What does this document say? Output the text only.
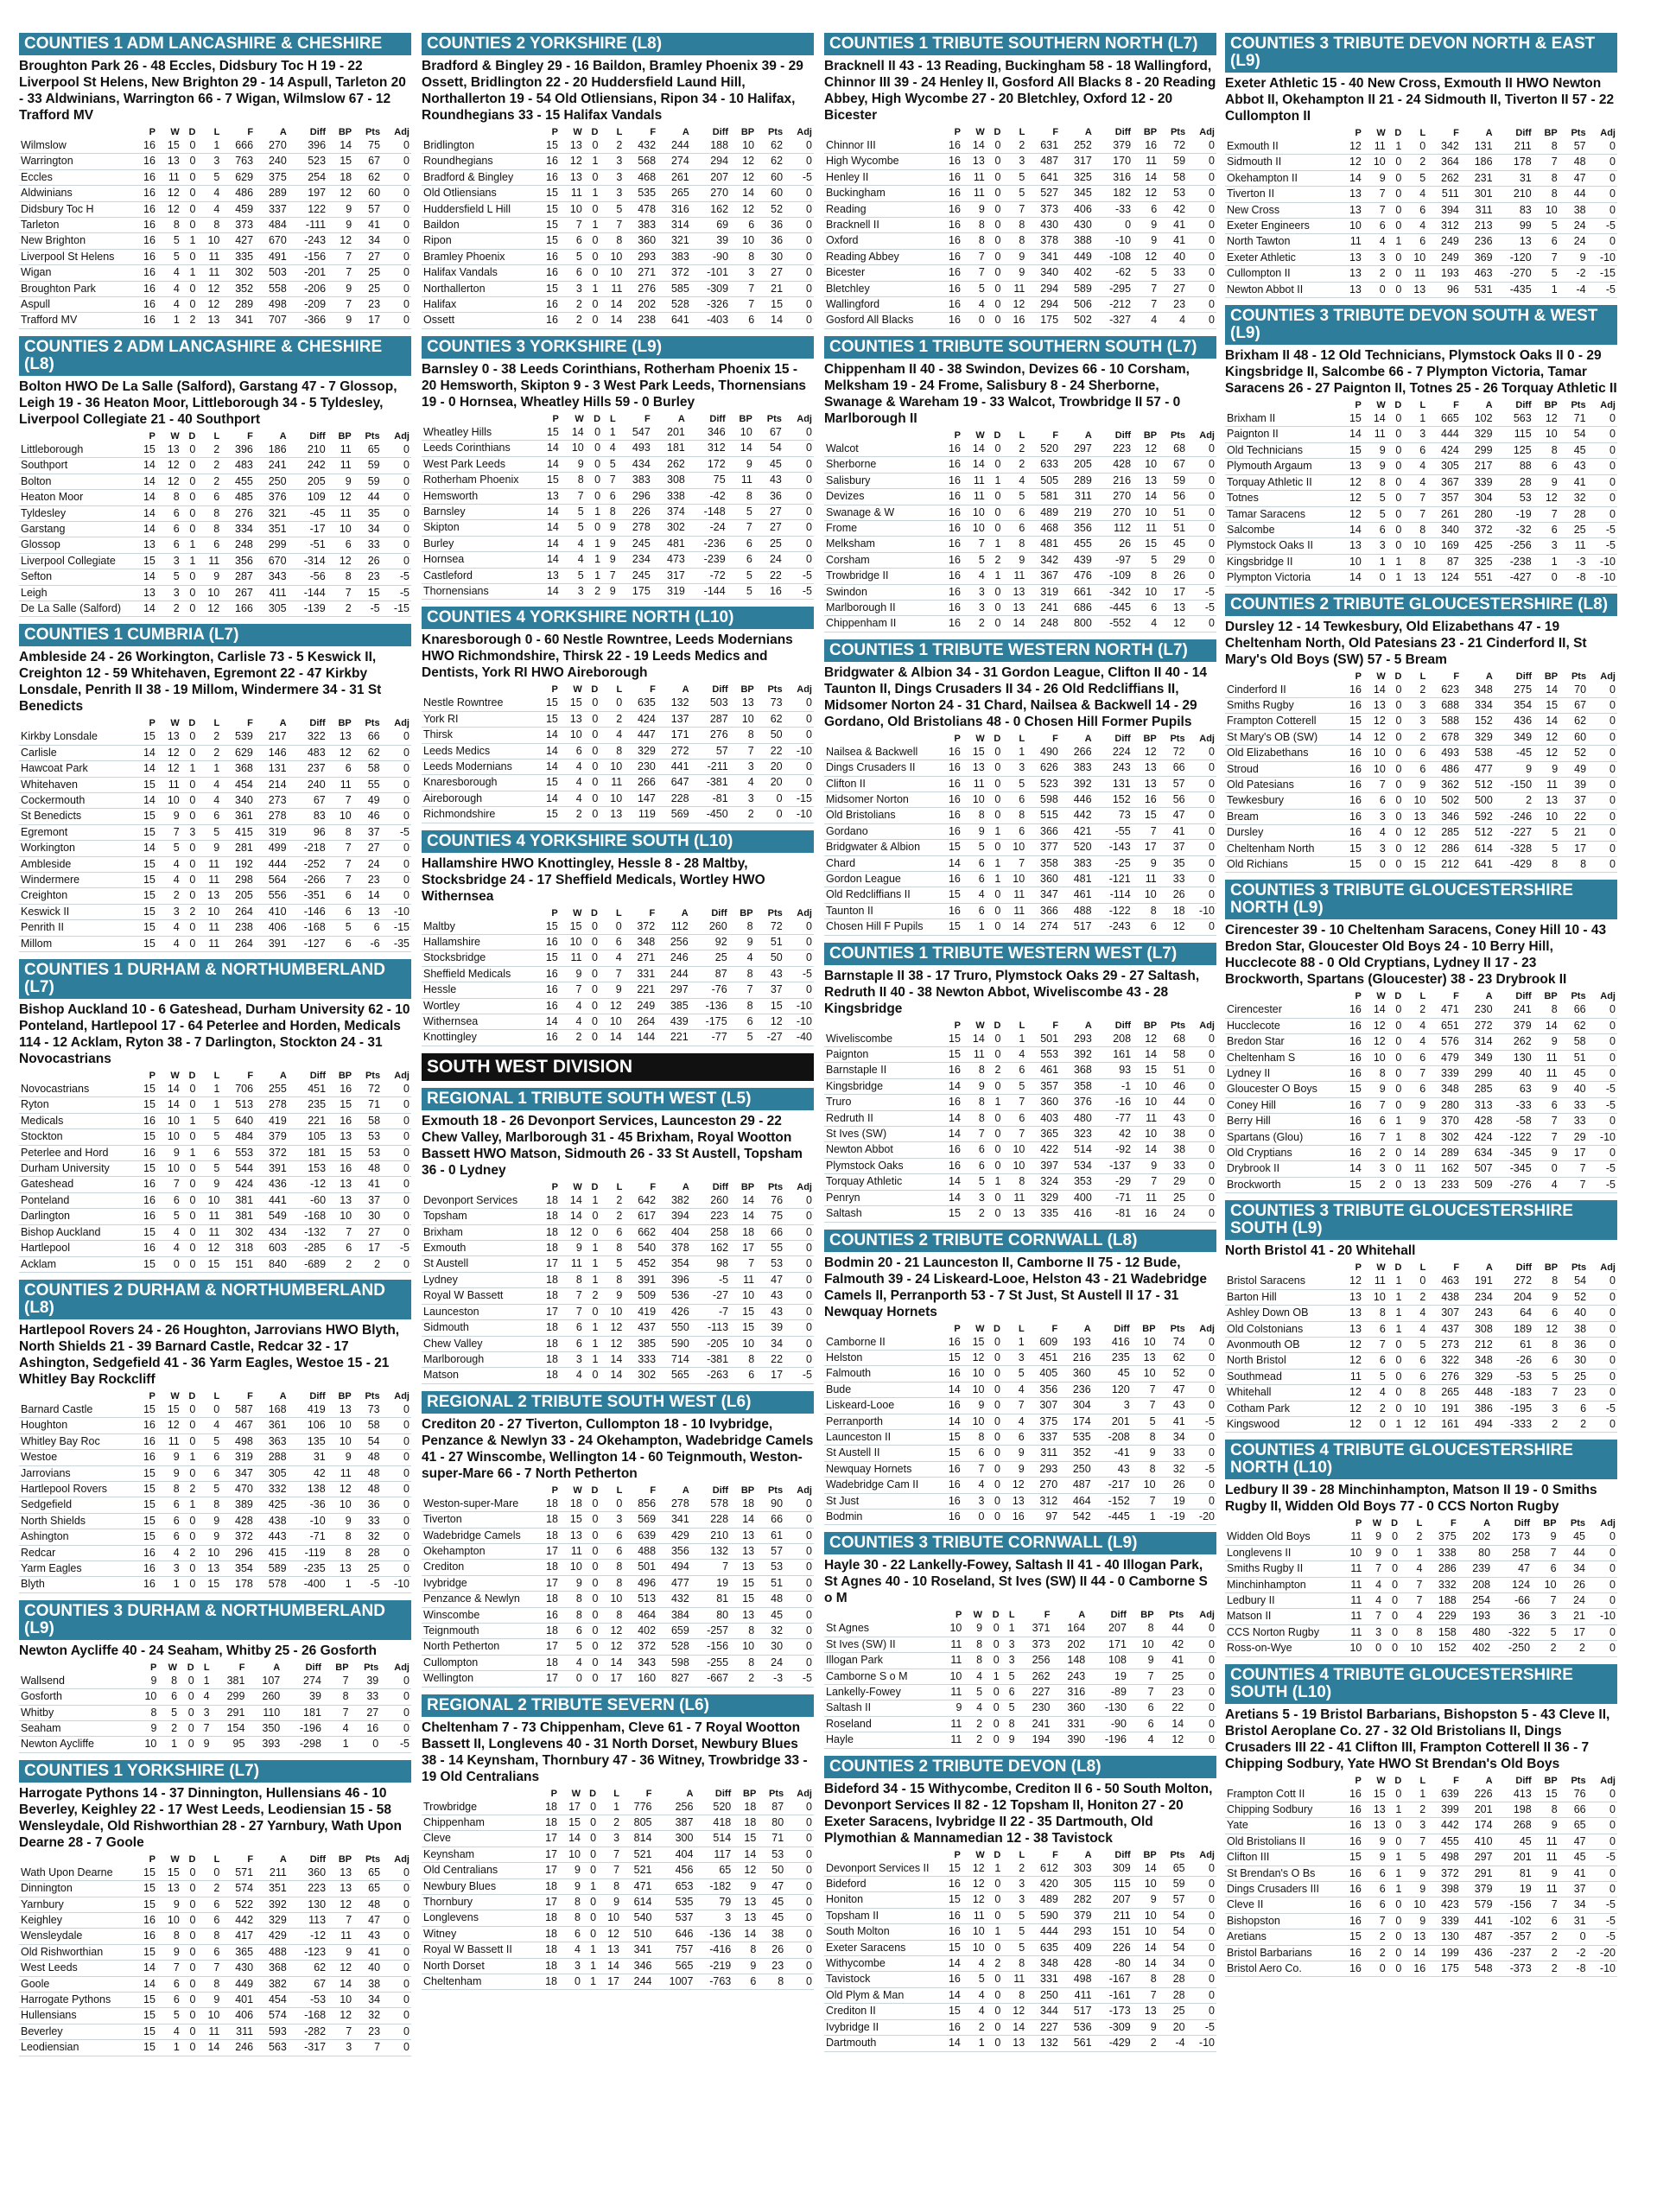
COUNTIES 1 ADM LANCASHIRE & CHESHIRE
Broughton Park 26 - 48 Eccles, Didsbury Toc H 19 - 22 Liverpool St Helens, New Brighton 29 - 14 Aspull, Tarleton 20 - 33 Aldwinians, Warrington 66 - 7 Wigan, Wilmslow 67 - 12 Trafford MV
	P	W	D	L	F	A	Diff	BP	Pts	Adj
Wilmslow	16	15	0	1	666	270	396	14	75	0
Warrington	16	13	0	3	763	240	523	15	67	0
Eccles	16	11	0	5	629	375	254	18	62	0
Aldwinians	16	12	0	4	486	289	197	12	60	0
Didsbury Toc H	16	12	0	4	459	337	122	9	57	0
Tarleton	16	8	0	8	373	484	-111	9	41	0
New Brighton	16	5	1	10	427	670	-243	12	34	0
Liverpool St Helens	16	5	0	11	335	491	-156	7	27	0
Wigan	16	4	1	11	302	503	-201	7	25	0
Broughton Park	16	4	0	12	352	558	-206	9	25	0
Aspull	16	4	0	12	289	498	-209	7	23	0
Trafford MV	16	1	2	13	341	707	-366	9	17	0
COUNTIES 2 ADM LANCASHIRE & CHESHIRE (L8)
Bolton HWO De La Salle (Salford), Garstang 47 - 7 Glossop, Leigh 19 - 36 Heaton Moor, Littleborough 34 - 5 Tyldesley, Liverpool Collegiate 21 - 40 Southport
	P	W	D	L	F	A	Diff	BP	Pts	Adj
Littleborough	15	13	0	2	396	186	210	11	65	0
Southport	14	12	0	2	483	241	242	11	59	0
Bolton	14	12	0	2	455	250	205	9	59	0
Heaton Moor	14	8	0	6	485	376	109	12	44	0
Tyldesley	14	6	0	8	276	321	-45	11	35	0
Garstang	14	6	0	8	334	351	-17	10	34	0
Glossop	13	6	1	6	248	299	-51	6	33	0
Liverpool Collegiate	15	3	1	11	356	670	-314	12	26	0
Sefton	14	5	0	9	287	343	-56	8	23	-5
Leigh	13	3	0	10	267	411	-144	7	15	-5
De La Salle (Salford)	14	2	0	12	166	305	-139	2	-5	-15
COUNTIES 1 CUMBRIA (L7)
Ambleside 24 - 26 Workington, Carlisle 73 - 5 Keswick II, Creighton 12 - 59 Whitehaven, Egremont 22 - 47 Kirkby Lonsdale, Penrith II 38 - 19 Millom, Windermere 34 - 31 St Benedicts
	P	W	D	L	F	A	Diff	BP	Pts	Adj
Kirkby Lonsdale	15	13	0	2	539	217	322	13	66	0
Carlisle	14	12	0	2	629	146	483	12	62	0
Hawcoat Park	14	12	1	1	368	131	237	6	58	0
Whitehaven	15	11	0	4	454	214	240	11	55	0
Cockermouth	14	10	0	4	340	273	67	7	49	0
St Benedicts	15	9	0	6	361	278	83	10	46	0
Egremont	15	7	3	5	415	319	96	8	37	-5
Workington	14	5	0	9	281	499	-218	7	27	0
Ambleside	15	4	0	11	192	444	-252	7	24	0
Windermere	15	4	0	11	298	564	-266	7	23	0
Creighton	15	2	0	13	205	556	-351	6	14	0
Keswick II	15	3	2	10	264	410	-146	6	13	-10
Penrith II	15	4	0	11	238	406	-168	5	6	-15
Millom	15	4	0	11	264	391	-127	6	-6	-35
COUNTIES 1 DURHAM & NORTHUMBERLAND (L7)
Bishop Auckland 10 - 6 Gateshead, Durham University 62 - 10 Ponteland, Hartlepool 17 - 64 Peterlee and Horden, Medicals 114 - 12 Acklam, Ryton 38 - 7 Darlington, Stockton 24 - 31 Novocastrians
	P	W	D	L	F	A	Diff	BP	Pts	Adj
Novocastrians	15	14	0	1	706	255	451	16	72	0
Ryton	15	14	0	1	513	278	235	15	71	0
Medicals	16	10	1	5	640	419	221	16	58	0
Stockton	15	10	0	5	484	379	105	13	53	0
Peterlee and Hord	16	9	1	6	553	372	181	15	53	0
Durham University	15	10	0	5	544	391	153	16	48	0
Gateshead	16	7	0	9	424	436	-12	13	41	0
Ponteland	16	6	0	10	381	441	-60	13	37	0
Darlington	16	5	0	11	381	549	-168	10	30	0
Bishop Auckland	15	4	0	11	302	434	-132	7	27	0
Hartlepool	16	4	0	12	318	603	-285	6	17	-5
Acklam	15	0	0	15	151	840	-689	2	2	0
COUNTIES 2 DURHAM & NORTHUMBERLAND (L8)
Hartlepool Rovers 24 - 26 Houghton, Jarrovians HWO Blyth, North Shields 21 - 39 Barnard Castle, Redcar 32 - 17 Ashington, Sedgefield 41 - 36 Yarm Eagles, Westoe 15 - 21 Whitley Bay Rockcliff
	P	W	D	L	F	A	Diff	BP	Pts	Adj
Barnard Castle	15	15	0	0	587	168	419	13	73	0
Houghton	16	12	0	4	467	361	106	10	58	0
Whitley Bay Roc	16	11	0	5	498	363	135	10	54	0
Westoe	16	9	1	6	319	288	31	9	48	0
Jarrovians	15	9	0	6	347	305	42	11	48	0
Hartlepool Rovers	15	8	2	5	470	332	138	12	48	0
Sedgefield	15	6	1	8	389	425	-36	10	36	0
North Shields	15	6	0	9	428	438	-10	9	33	0
Ashington	15	6	0	9	372	443	-71	8	32	0
Redcar	16	4	2	10	296	415	-119	8	28	0
Yarm Eagles	16	3	0	13	354	589	-235	13	25	0
Blyth	16	1	0	15	178	578	-400	1	-5	-10
COUNTIES 3 DURHAM & NORTHUMBERLAND (L9)
Newton Aycliffe 40 - 24 Seaham, Whitby 25 - 26 Gosforth
	P	W	D	L	F	A	Diff	BP	Pts	Adj
Wallsend	9	8	0	1	381	107	274	7	39	0
Gosforth	10	6	0	4	299	260	39	8	33	0
Whitby	8	5	0	3	291	110	181	7	27	0
Seaham	9	2	0	7	154	350	-196	4	16	0
Newton Aycliffe	10	1	0	9	95	393	-298	1	0	-5
COUNTIES 1 YORKSHIRE (L7)
Harrogate Pythons 14 - 37 Dinnington, Hullensians 46 - 10 Beverley, Keighley 22 - 17 West Leeds, Leodiensian 15 - 58 Wensleydale, Old Rishworthian 28 - 27 Yarnbury, Wath Upon Dearne 28 - 7 Goole
	P	W	D	L	F	A	Diff	BP	Pts	Adj
Wath Upon Dearne	15	15	0	0	571	211	360	13	65	0
Dinnington	15	13	0	2	574	351	223	13	65	0
Yarnbury	15	9	0	6	522	392	130	12	48	0
Keighley	16	10	0	6	442	329	113	7	47	0
Wensleydale	16	8	0	8	417	429	-12	11	43	0
Old Rishworthian	15	9	0	6	365	488	-123	9	41	0
West Leeds	14	7	0	7	430	368	62	12	40	0
Goole	14	6	0	8	449	382	67	14	38	0
Harrogate Pythons	15	6	0	9	401	454	-53	10	34	0
Hullensians	15	5	0	10	406	574	-168	12	32	0
Beverley	15	4	0	11	311	593	-282	7	23	0
Leodiensian	15	1	0	14	246	563	-317	3	7	0
COUNTIES 2 YORKSHIRE (L8)
Bradford & Bingley 29 - 16 Baildon, Bramley Phoenix 39 - 29 Ossett, Bridlington 22 - 20 Huddersfield Laund Hill, Northallerton 19 - 54 Old Otliensians, Ripon 34 - 10 Halifax, Roundhegians 33 - 15 Halifax Vandals
	P	W	D	L	F	A	Diff	BP	Pts	Adj
Bridlington	15	13	0	2	432	244	188	10	62	0
Roundhegians	16	12	1	3	568	274	294	12	62	0
Bradford & Bingley	16	13	0	3	468	261	207	12	60	-5
Old Otliensians	15	11	1	3	535	265	270	14	60	0
Huddersfield L Hill	15	10	0	5	478	316	162	12	52	0
Baildon	15	7	1	7	383	314	69	6	36	0
Ripon	15	6	0	8	360	321	39	10	36	0
Bramley Phoenix	16	5	0	10	293	383	-90	8	30	0
Halifax Vandals	16	6	0	10	271	372	-101	3	27	0
Northallerton	15	3	1	11	276	585	-309	7	21	0
Halifax	16	2	0	14	202	528	-326	7	15	0
Ossett	16	2	0	14	238	641	-403	6	14	0
COUNTIES 3 YORKSHIRE (L9)
Barnsley 0 - 38 Leeds Corinthians, Rotherham Phoenix 15 - 20 Hemsworth, Skipton 9 - 3 West Park Leeds, Thornensians 19 - 0 Hornsea, Wheatley Hills 59 - 0 Burley
	P	W	D	L	F	A	Diff	BP	Pts	Adj
Wheatley Hills	15	14	0	1	547	201	346	10	67	0
Leeds Corinthians	14	10	0	4	493	181	312	14	54	0
West Park Leeds	14	9	0	5	434	262	172	9	45	0
Rotherham Phoenix	15	8	0	7	383	308	75	11	43	0
Hemsworth	13	7	0	6	296	338	-42	8	36	0
Barnsley	14	5	1	8	226	374	-148	5	27	0
Skipton	14	5	0	9	278	302	-24	7	27	0
Burley	14	4	1	9	245	481	-236	6	25	0
Hornsea	14	4	1	9	234	473	-239	6	24	0
Castleford	13	5	1	7	245	317	-72	5	22	-5
Thornensians	14	3	2	9	175	319	-144	5	16	-5
COUNTIES 4 YORKSHIRE NORTH (L10)
Knaresborough 0 - 60 Nestle Rowntree, Leeds Modernians HWO Richmondshire, Thirsk 22 - 19 Leeds Medics and Dentists, York RI HWO Aireborough
	P	W	D	L	F	A	Diff	BP	Pts	Adj
Nestle Rowntree	15	15	0	0	635	132	503	13	73	0
York RI	15	13	0	2	424	137	287	10	62	0
Thirsk	14	10	0	4	447	171	276	8	50	0
Leeds Medics	14	6	0	8	329	272	57	7	22	-10
Leeds Modernians	14	4	0	10	230	441	-211	3	20	0
Knaresborough	15	4	0	11	266	647	-381	4	20	0
Aireborough	14	4	0	10	147	228	-81	3	0	-15
Richmondshire	15	2	0	13	119	569	-450	2	0	-10
COUNTIES 4 YORKSHIRE SOUTH (L10)
Hallamshire HWO Knottingley, Hessle 8 - 28 Maltby, Stocksbridge 24 - 17 Sheffield Medicals, Wortley HWO Withernsea
	P	W	D	L	F	A	Diff	BP	Pts	Adj
Maltby	15	15	0	0	372	112	260	8	72	0
Hallamshire	16	10	0	6	348	256	92	9	51	0
Stocksbridge	15	11	0	4	271	246	25	4	50	0
Sheffield Medicals	16	9	0	7	331	244	87	8	43	-5
Hessle	16	7	0	9	221	297	-76	7	37	0
Wortley	16	4	0	12	249	385	-136	8	15	-10
Withernsea	14	4	0	10	264	439	-175	6	12	-10
Knottingley	16	2	0	14	144	221	-77	5	-27	-40
SOUTH WEST DIVISION
REGIONAL 1 TRIBUTE SOUTH WEST (L5)
Exmouth 18 - 26 Devonport Services, Launceston 29 - 22 Chew Valley, Marlborough 31 - 45 Brixham, Royal Wootton Bassett HWO Matson, Sidmouth 26 - 33 St Austell, Topsham 36 - 0 Lydney
	P	W	D	L	F	A	Diff	BP	Pts	Adj
Devonport Services	18	14	1	2	642	382	260	14	76	0
Topsham	18	14	0	2	617	394	223	14	75	0
Brixham	18	12	0	6	662	404	258	18	66	0
Exmouth	18	9	1	8	540	378	162	17	55	0
St Austell	17	11	1	5	452	354	98	7	53	0
Lydney	18	8	1	8	391	396	-5	11	47	0
Royal W Bassett	18	7	2	9	509	536	-27	10	43	0
Launceston	17	7	0	10	419	426	-7	15	43	0
Sidmouth	18	6	1	12	437	550	-113	15	39	0
Chew Valley	18	6	1	12	385	590	-205	10	34	0
Marlborough	18	3	1	14	333	714	-381	8	22	0
Matson	18	4	0	14	302	565	-263	6	17	-5
REGIONAL 2 TRIBUTE SOUTH WEST (L6)
Crediton 20 - 27 Tiverton, Cullompton 18 - 10 Ivybridge, Penzance & Newlyn 33 - 24 Okehampton, Wadebridge Camels 41 - 27 Winscombe, Wellington 14 - 60 Teignmouth, Weston-super-Mare 66 - 7 North Petherton
	P	W	D	L	F	A	Diff	BP	Pts	Adj
Weston-super-Mare	18	18	0	0	856	278	578	18	90	0
Tiverton	18	15	0	3	569	341	228	14	66	0
Wadebridge Camels	18	13	0	6	639	429	210	13	61	0
Okehampton	17	11	0	6	488	356	132	13	57	0
Crediton	18	10	0	8	501	494	7	13	53	0
Ivybridge	17	9	0	8	496	477	19	15	51	0
Penzance & Newlyn	18	8	0	10	513	432	81	15	48	0
Winscombe	16	8	0	8	464	384	80	13	45	0
Teignmouth	18	6	0	12	402	659	-257	8	32	0
North Petherton	17	5	0	12	372	528	-156	10	30	0
Cullompton	18	4	0	14	343	598	-255	8	24	0
Wellington	17	0	0	17	160	827	-667	2	-3	-5
REGIONAL 2 TRIBUTE SEVERN (L6)
Cheltenham 7 - 73 Chippenham, Cleve 61 - 7 Royal Wootton Bassett II, Longlevens 40 - 31 North Dorset, Newbury Blues 38 - 14 Keynsham, Thornbury 47 - 36 Witney, Trowbridge 33 - 19 Old Centralians
	P	W	D	L	F	A	Diff	BP	Pts	Adj
Trowbridge	18	17	0	1	776	256	520	18	87	0
Chippenham	18	15	0	2	805	387	418	18	80	0
Cleve	17	14	0	3	814	300	514	15	71	0
Keynsham	17	10	0	7	521	404	117	14	53	0
Old Centralians	17	9	0	7	521	456	65	12	50	0
Newbury Blues	18	9	1	8	471	653	-182	9	47	0
Thornbury	17	8	0	9	614	535	79	13	45	0
Longlevens	18	8	0	10	540	537	3	13	45	0
Witney	18	6	0	12	510	646	-136	14	38	0
Royal W Bassett II	18	4	1	13	341	757	-416	8	26	0
North Dorset	18	3	1	14	346	565	-219	9	23	0
Cheltenham	18	0	1	17	244	1007	-763	6	8	0
COUNTIES 1 TRIBUTE SOUTHERN NORTH (L7)
Bracknell II 43 - 13 Reading, Buckingham 58 - 18 Wallingford, Chinnor III 39 - 24 Henley II, Gosford All Blacks 8 - 20 Reading Abbey, High Wycombe 27 - 20 Bletchley, Oxford 12 - 20 Bicester
	P	W	D	L	F	A	Diff	BP	Pts	Adj
Chinnor III	16	14	0	2	631	252	379	16	72	0
High Wycombe	16	13	0	3	487	317	170	11	59	0
Henley II	16	11	0	5	641	325	316	14	58	0
Buckingham	16	11	0	5	527	345	182	12	53	0
Reading	16	9	0	7	373	406	-33	6	42	0
Bracknell II	16	8	0	8	430	430	0	9	41	0
Oxford	16	8	0	8	378	388	-10	9	41	0
Reading Abbey	16	7	0	9	341	449	-108	12	40	0
Bicester	16	7	0	9	340	402	-62	5	33	0
Bletchley	16	5	0	11	294	589	-295	7	27	0
Wallingford	16	4	0	12	294	506	-212	7	23	0
Gosford All Blacks	16	0	0	16	175	502	-327	4	4	0
COUNTIES 1 TRIBUTE SOUTHERN SOUTH (L7)
Chippenham II 40 - 38 Swindon, Devizes 66 - 10 Corsham, Melksham 19 - 24 Frome, Salisbury 8 - 24 Sherborne, Swanage & Wareham 19 - 33 Walcot, Trowbridge II 57 - 0 Marlborough II
	P	W	D	L	F	A	Diff	BP	Pts	Adj
Walcot	16	14	0	2	520	297	223	12	68	0
Sherborne	16	14	0	2	633	205	428	10	67	0
Salisbury	16	11	1	4	505	289	216	13	59	0
Devizes	16	11	0	5	581	311	270	14	56	0
Swanage & W	16	10	0	6	489	219	270	10	51	0
Frome	16	10	0	6	468	356	112	11	51	0
Melksham	16	7	1	8	481	455	26	15	45	0
Corsham	16	5	2	9	342	439	-97	5	29	0
Trowbridge II	16	4	1	11	367	476	-109	8	26	0
Swindon	16	3	0	13	319	661	-342	10	17	-5
Marlborough II	16	3	0	13	241	686	-445	6	13	-5
Chippenham II	16	2	0	14	248	800	-552	4	12	0
COUNTIES 1 TRIBUTE WESTERN NORTH (L7)
Bridgwater & Albion 34 - 31 Gordon League, Clifton II 40 - 14 Taunton II, Dings Crusaders II 34 - 26 Old Redcliffians II, Midsomer Norton 24 - 31 Chard, Nailsea & Backwell 14 - 29 Gordano, Old Bristolians 48 - 0 Chosen Hill Former Pupils
	P	W	D	L	F	A	Diff	BP	Pts	Adj
Nailsea & Backwell	16	15	0	1	490	266	224	12	72	0
Dings Crusaders II	16	13	0	3	626	383	243	13	66	0
Clifton II	16	11	0	5	523	392	131	13	57	0
Midsomer Norton	16	10	0	6	598	446	152	16	56	0
Old Bristolians	16	8	0	8	515	442	73	15	47	0
Gordano	16	9	1	6	366	421	-55	7	41	0
Bridgwater & Albion	15	5	0	10	377	520	-143	17	37	0
Chard	14	6	1	7	358	383	-25	9	35	0
Gordon League	16	6	1	10	360	481	-121	11	33	0
Old Redcliffians II	15	4	0	11	347	461	-114	10	26	0
Taunton II	16	6	0	11	366	488	-122	8	18	-10
Chosen Hill F Pupils	15	1	0	14	274	517	-243	6	12	0
COUNTIES 1 TRIBUTE WESTERN WEST (L7)
Barnstaple II 38 - 17 Truro, Plymstock Oaks 29 - 27 Saltash, Redruth II 40 - 38 Newton Abbot, Wiveliscombe 43 - 28 Kingsbridge
	P	W	D	L	F	A	Diff	BP	Pts	Adj
Wiveliscombe	15	14	0	1	501	293	208	12	68	0
Paignton	15	11	0	4	553	392	161	14	58	0
Barnstaple II	16	8	2	6	461	368	93	15	51	0
Kingsbridge	14	9	0	5	357	358	-1	10	46	0
Truro	16	8	1	7	360	376	-16	10	44	0
Redruth II	14	8	0	6	403	480	-77	11	43	0
St Ives (SW)	14	7	0	7	365	323	42	10	38	0
Newton Abbot	16	6	0	10	422	514	-92	14	38	0
Plymstock Oaks	16	6	0	10	397	534	-137	9	33	0
Torquay Athletic	14	5	1	8	324	353	-29	7	29	0
Penryn	14	3	0	11	329	400	-71	11	25	0
Saltash	15	2	0	13	335	416	-81	16	24	0
COUNTIES 2 TRIBUTE CORNWALL (L8)
Bodmin 20 - 21 Launceston II, Camborne II 75 - 12 Bude, Falmouth 39 - 24 Liskeard-Looe, Helston 43 - 21 Wadebridge Camels II, Perranporth 53 - 7 St Just, St Austell II 17 - 31 Newquay Hornets
	P	W	D	L	F	A	Diff	BP	Pts	Adj
Camborne II	16	15	0	1	609	193	416	10	74	0
Helston	15	12	0	3	451	216	235	13	62	0
Falmouth	16	10	0	5	405	360	45	10	52	0
Bude	14	10	0	4	356	236	120	7	47	0
Liskeard-Looe	16	9	0	7	307	304	3	7	43	0
Perranporth	14	10	0	4	375	174	201	5	41	-5
Launceston II	15	8	0	6	337	535	-208	8	34	0
St Austell II	15	6	0	9	311	352	-41	9	33	0
Newquay Hornets	16	7	0	9	293	250	43	8	32	-5
Wadebridge Cam II	16	4	0	12	270	487	-217	10	26	0
St Just	16	3	0	13	312	464	-152	7	19	0
Bodmin	16	0	0	16	97	542	-445	1	-19	-20
COUNTIES 3 TRIBUTE CORNWALL (L9)
Hayle 30 - 22 Lankelly-Fowey, Saltash II 41 - 40 Illogan Park, St Agnes 40 - 10 Roseland, St Ives (SW) II 44 - 0 Camborne S o M
	P	W	D	L	F	A	Diff	BP	Pts	Adj
St Agnes	10	9	0	1	371	164	207	8	44	0
St Ives (SW) II	11	8	0	3	373	202	171	10	42	0
Illogan Park	11	8	0	3	256	148	108	9	41	0
Camborne S o M	10	4	1	5	262	243	19	7	25	0
Lankelly-Fowey	11	5	0	6	227	316	-89	7	23	0
Saltash II	9	4	0	5	230	360	-130	6	22	0
Roseland	11	2	0	8	241	331	-90	6	14	0
Hayle	11	2	0	9	194	390	-196	4	12	0
COUNTIES 2 TRIBUTE DEVON (L8)
Bideford 34 - 15 Withycombe, Crediton II 6 - 50 South Molton, Devonport Services II 82 - 12 Topsham II, Honiton 27 - 20 Exeter Saracens, Ivybridge II 22 - 35 Dartmouth, Old Plymothian & Mannamedian 12 - 38 Tavistock
	P	W	D	L	F	A	Diff	BP	Pts	Adj
Devonport Services II	15	12	1	2	612	303	309	14	65	0
Bideford	16	12	0	3	420	305	115	10	59	0
Honiton	15	12	0	3	489	282	207	9	57	0
Topsham II	16	11	0	5	590	379	211	10	54	0
South Molton	16	10	1	5	444	293	151	10	54	0
Exeter Saracens	15	10	0	5	635	409	226	14	54	0
Withycombe	14	4	2	8	348	428	-80	14	34	0
Tavistock	16	5	0	11	331	498	-167	8	28	0
Old Plym & Man	14	4	0	8	250	411	-161	7	28	0
Crediton II	15	4	0	12	344	517	-173	13	25	0
Ivybridge II	16	2	0	14	227	536	-309	9	20	-5
Dartmouth	14	1	0	13	132	561	-429	2	-4	-10
COUNTIES 3 TRIBUTE DEVON NORTH & EAST (L9)
Exeter Athletic 15 - 40 New Cross, Exmouth II HWO Newton Abbot II, Okehampton II 21 - 24 Sidmouth II, Tiverton II 57 - 22 Cullompton II
	P	W	D	L	F	A	Diff	BP	Pts	Adj
Exmouth II	12	11	1	0	342	131	211	8	57	0
Sidmouth II	12	10	0	2	364	186	178	7	48	0
Okehampton II	14	9	0	5	262	231	31	8	47	0
Tiverton II	13	7	0	4	511	301	210	8	44	0
New Cross	13	7	0	6	394	311	83	10	38	0
Exeter Engineers	10	6	0	4	312	213	99	5	24	-5
North Tawton	11	4	1	6	249	236	13	6	24	0
Exeter Athletic	13	3	0	10	249	369	-120	7	9	-10
Cullompton II	13	2	0	11	193	463	-270	5	-2	-15
Newton Abbot II	13	0	0	13	96	531	-435	1	-4	-5
COUNTIES 3 TRIBUTE DEVON SOUTH & WEST (L9)
Brixham II 48 - 12 Old Technicians, Plymstock Oaks II 0 - 29 Kingsbridge II, Salcombe 66 - 7 Plympton Victoria, Tamar Saracens 26 - 27 Paignton II, Totnes 25 - 26 Torquay Athletic II
	P	W	D	L	F	A	Diff	BP	Pts	Adj
Brixham II	15	14	0	1	665	102	563	12	71	0
Paignton II	14	11	0	3	444	329	115	10	54	0
Old Technicians	15	9	0	6	424	299	125	8	45	0
Plymouth Argaum	13	9	0	4	305	217	88	6	43	0
Torquay Athletic II	12	8	0	4	367	339	28	9	41	0
Totnes	12	5	0	7	357	304	53	12	32	0
Tamar Saracens	12	5	0	7	261	280	-19	7	28	0
Salcombe	14	6	0	8	340	372	-32	6	25	-5
Plymstock Oaks II	13	3	0	10	169	425	-256	3	11	-5
Kingsbridge II	10	1	1	8	87	325	-238	1	-3	-10
Plympton Victoria	14	0	1	13	124	551	-427	0	-8	-10
COUNTIES 2 TRIBUTE GLOUCESTERSHIRE (L8)
Dursley 12 - 14 Tewkesbury, Old Elizabethans 47 - 19 Cheltenham North, Old Patesians 23 - 21 Cinderford II, St Mary's Old Boys (SW) 57 - 5 Bream
	P	W	D	L	F	A	Diff	BP	Pts	Adj
Cinderford II	16	14	0	2	623	348	275	14	70	0
Smiths Rugby	16	13	0	3	688	334	354	15	67	0
Frampton Cotterell	15	12	0	3	588	152	436	14	62	0
St Mary's OB (SW)	14	12	0	2	678	329	349	12	60	0
Old Elizabethans	16	10	0	6	493	538	-45	12	52	0
Stroud	16	10	0	6	486	477	9	9	49	0
Old Patesians	16	7	0	9	362	512	-150	11	39	0
Tewkesbury	16	6	0	10	502	500	2	13	37	0
Bream	16	3	0	13	346	592	-246	10	22	0
Dursley	16	4	0	12	285	512	-227	5	21	0
Cheltenham North	15	3	0	12	286	614	-328	5	17	0
Old Richians	15	0	0	15	212	641	-429	8	8	0
COUNTIES 3 TRIBUTE GLOUCESTERSHIRE NORTH (L9)
Cirencester 39 - 10 Cheltenham Saracens, Coney Hill 10 - 43 Bredon Star, Gloucester Old Boys 24 - 10 Berry Hill, Hucclecote 88 - 0 Old Cryptians, Lydney II 17 - 23 Brockworth, Spartans (Gloucester) 38 - 23 Drybrook II
	P	W	D	L	F	A	Diff	BP	Pts	Adj
Cirencester	16	14	0	2	471	230	241	8	66	0
Hucclecote	16	12	0	4	651	272	379	14	62	0
Bredon Star	16	12	0	4	576	314	262	9	58	0
Cheltenham S	16	10	0	6	479	349	130	11	51	0
Lydney II	16	8	0	7	339	299	40	11	45	0
Gloucester O Boys	15	9	0	6	348	285	63	9	40	-5
Coney Hill	16	7	0	9	280	313	-33	6	33	-5
Berry Hill	16	6	1	9	370	428	-58	7	33	0
Spartans (Glou)	16	7	1	8	302	424	-122	7	29	-10
Old Cryptians	16	2	0	14	289	634	-345	9	17	0
Drybrook II	14	3	0	11	162	507	-345	0	7	-5
Brockworth	15	2	0	13	233	509	-276	4	7	-5
COUNTIES 3 TRIBUTE GLOUCESTERSHIRE SOUTH (L9)
North Bristol 41 - 20 Whitehall
	P	W	D	L	F	A	Diff	BP	Pts	Adj
Bristol Saracens	12	11	1	0	463	191	272	8	54	0
Barton Hill	13	10	1	2	438	234	204	9	52	0
Ashley Down OB	13	8	1	4	307	243	64	6	40	0
Old Colstonians	13	6	1	4	437	308	189	12	38	0
Avonmouth OB	12	7	0	5	273	212	61	8	36	0
North Bristol	12	6	0	6	322	348	-26	6	30	0
Southmead	11	5	0	6	276	329	-53	5	25	0
Whitehall	12	4	0	8	265	448	-183	7	23	0
Cotham Park	12	2	0	10	191	386	-195	3	6	-5
Kingswood	12	0	1	12	161	494	-333	2	2	0
COUNTIES 4 TRIBUTE GLOUCESTERSHIRE NORTH (L10)
Ledbury II 39 - 28 Minchinhampton, Matson II 19 - 0 Smiths Rugby II, Widden Old Boys 77 - 0 CCS Norton Rugby
	P	W	D	L	F	A	Diff	BP	Pts	Adj
Widden Old Boys	11	9	0	2	375	202	173	9	45	0
Longlevens II	10	9	0	1	338	80	258	7	44	0
Smiths Rugby II	11	7	0	4	286	239	47	6	34	0
Minchinhampton	11	4	0	7	332	208	124	10	26	0
Ledbury II	11	4	0	7	188	254	-66	7	24	0
Matson II	11	7	0	4	229	193	36	3	21	-10
CCS Norton Rugby	11	3	0	8	158	480	-322	5	17	0
Ross-on-Wye	10	0	0	10	152	402	-250	2	2	0
COUNTIES 4 TRIBUTE GLOUCESTERSHIRE SOUTH (L10)
Aretians 5 - 19 Bristol Barbarians, Bishopston 5 - 43 Cleve II, Bristol Aeroplane Co. 27 - 32 Old Bristolians II, Dings Crusaders III 22 - 41 Clifton III, Frampton Cotterell II 36 - 7 Chipping Sodbury, Yate HWO St Brendan's Old Boys
	P	W	D	L	F	A	Diff	BP	Pts	Adj
Frampton Cott II	16	15	0	1	639	226	413	15	76	0
Chipping Sodbury	16	13	1	2	399	201	198	8	66	0
Yate	16	13	0	3	442	174	268	9	65	0
Old Bristolians II	16	9	0	7	455	410	45	11	47	0
Clifton III	15	9	1	5	498	297	201	11	45	-5
St Brendan's O Bs	16	6	1	9	372	291	81	9	41	0
Dings Crusaders III	16	6	1	9	398	379	19	11	37	0
Cleve II	16	6	0	10	423	579	-156	7	34	-5
Bishopston	16	7	0	9	339	441	-102	6	31	-5
Aretians	15	2	0	13	130	487	-357	2	0	-5
Bristol Barbarians	16	2	0	14	199	436	-237	2	-2	-20
Bristol Aero Co.	16	0	0	16	175	548	-373	2	-8	-10
